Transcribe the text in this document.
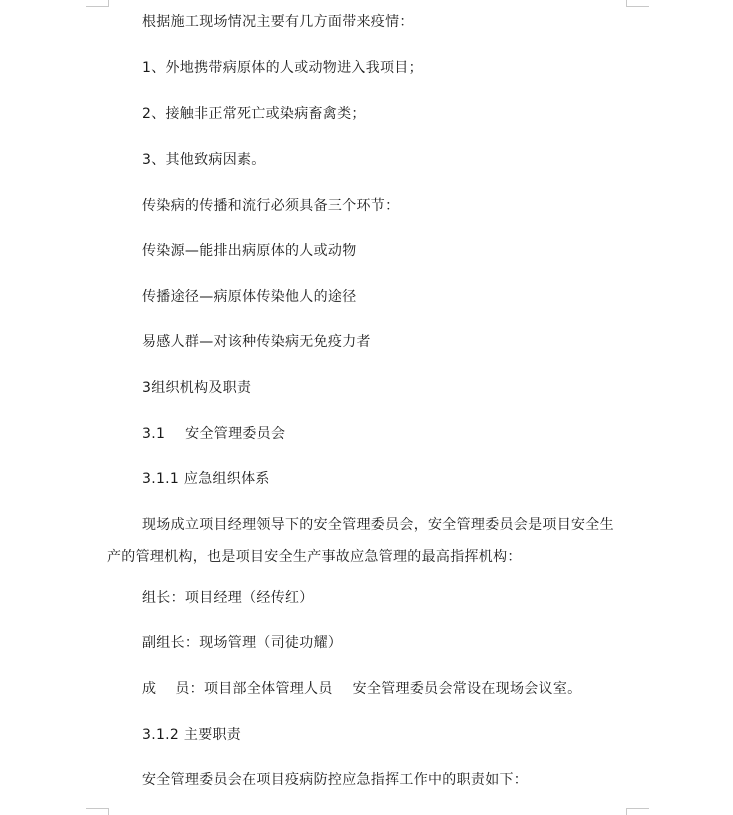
根据施工现场情况主要有几方面带来疫情：
1、外地携带病原体的人或动物进入我项目；
2、接触非正常死亡或染病畜禽类；
3、其他致病因素。
传染病的传播和流行必须具备三个环节：
传染源—能排出病原体的人或动物
传播途径—病原体传染他人的途径
易感人群—对该种传染病无免疫力者
3组织机构及职责
3.1 安全管理委员会
3.1.1 应急组织体系
现场成立项目经理领导下的安全管理委员会，安全管理委员会是项目安全生产的管理机构，也是项目安全生产事故应急管理的最高指挥机构：
组长：项目经理（经传红）
副组长：现场管理（司徒功耀）
成　 员：项目部全体管理人员 安全管理委员会常设在现场会议室。
3.1.2 主要职责
安全管理委员会在项目疫病防控应急指挥工作中的职责如下：
